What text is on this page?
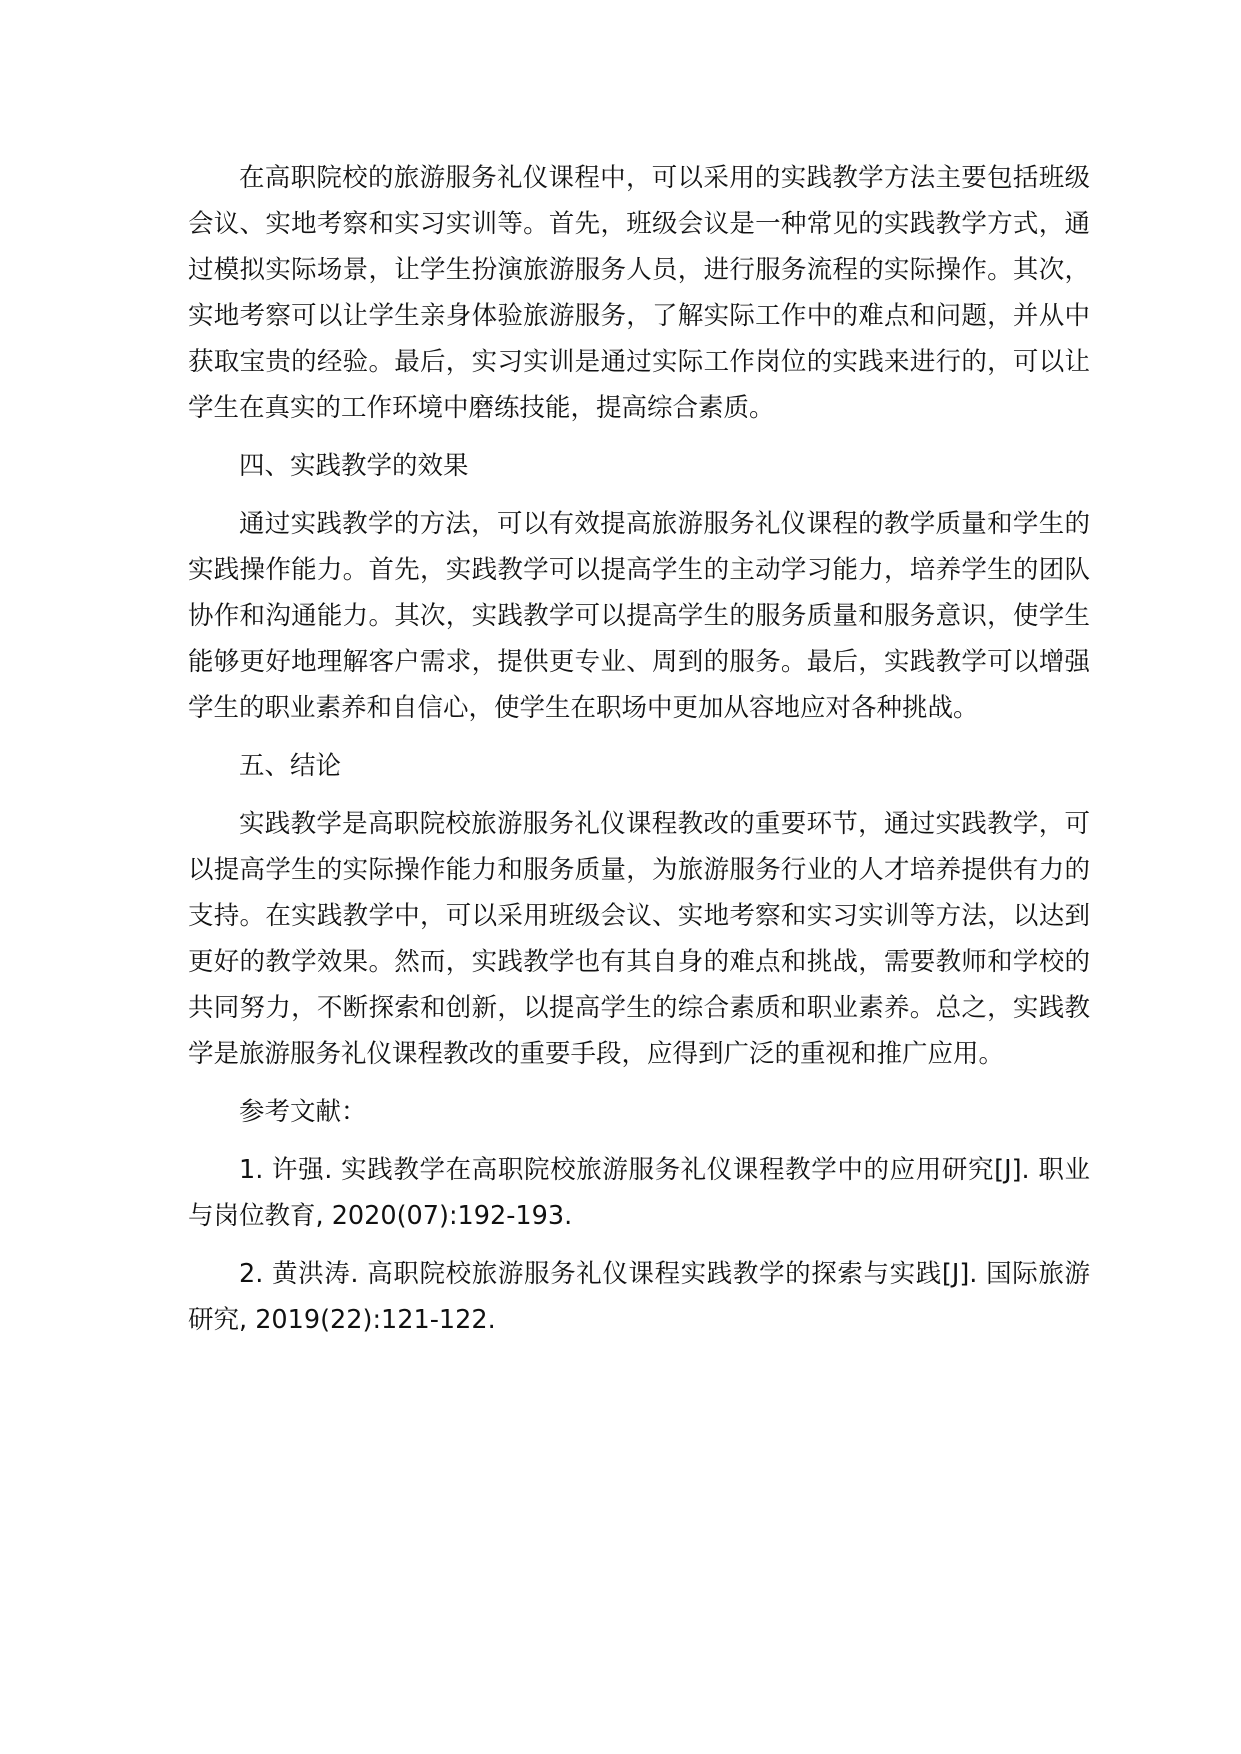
在高职院校的旅游服务礼仪课程中，可以采用的实践教学方法主要包括班级会议、实地考察和实习实训等。首先，班级会议是一种常见的实践教学方式，通过模拟实际场景，让学生扮演旅游服务人员，进行服务流程的实际操作。其次，实地考察可以让学生亲身体验旅游服务，了解实际工作中的难点和问题，并从中获取宝贵的经验。最后，实习实训是通过实际工作岗位的实践来进行的，可以让学生在真实的工作环境中磨练技能，提高综合素质。

四、实践教学的效果

通过实践教学的方法，可以有效提高旅游服务礼仪课程的教学质量和学生的实践操作能力。首先，实践教学可以提高学生的主动学习能力，培养学生的团队协作和沟通能力。其次，实践教学可以提高学生的服务质量和服务意识，使学生能够更好地理解客户需求，提供更专业、周到的服务。最后，实践教学可以增强学生的职业素养和自信心，使学生在职场中更加从容地应对各种挑战。

五、结论

实践教学是高职院校旅游服务礼仪课程教改的重要环节，通过实践教学，可以提高学生的实际操作能力和服务质量，为旅游服务行业的人才培养提供有力的支持。在实践教学中，可以采用班级会议、实地考察和实习实训等方法，以达到更好的教学效果。然而，实践教学也有其自身的难点和挑战，需要教师和学校的共同努力，不断探索和创新，以提高学生的综合素质和职业素养。总之，实践教学是旅游服务礼仪课程教改的重要手段，应得到广泛的重视和推广应用。

参考文献：

1. 许强. 实践教学在高职院校旅游服务礼仪课程教学中的应用研究[J]. 职业与岗位教育, 2020(07):192-193.

2. 黄洪涛. 高职院校旅游服务礼仪课程实践教学的探索与实践[J]. 国际旅游研究, 2019(22):121-122.
